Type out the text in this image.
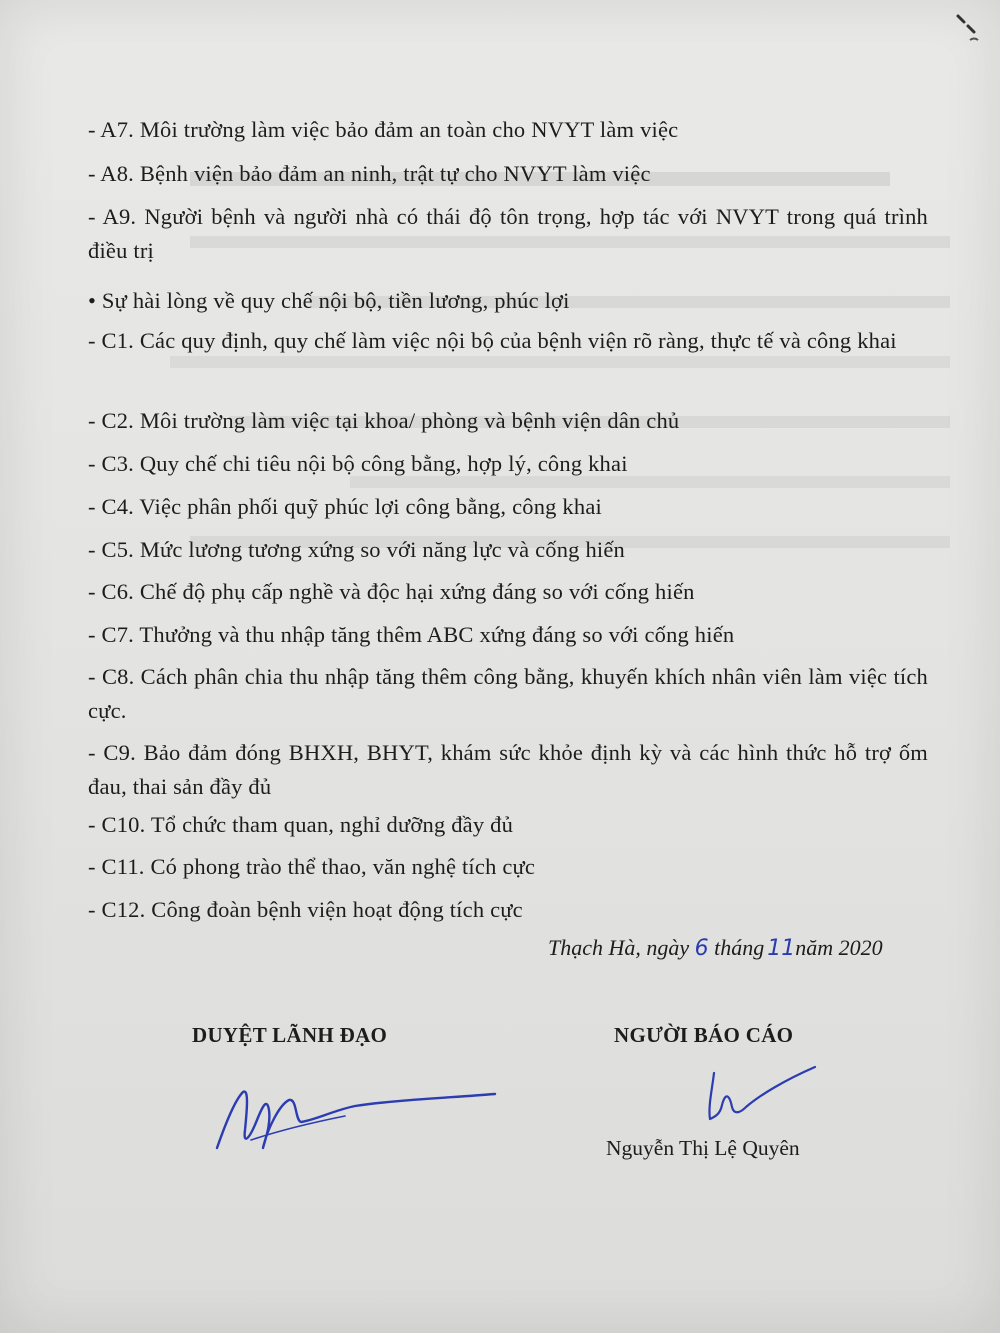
- A7. Môi trường làm việc bảo đảm an toàn cho NVYT làm việc
- A8. Bệnh viện bảo đảm an ninh, trật tự cho NVYT làm việc
- A9. Người bệnh và người nhà có thái độ tôn trọng, hợp tác với NVYT trong quá trình điều trị
• Sự hài lòng về quy chế nội bộ, tiền lương, phúc lợi
- C1. Các quy định, quy chế làm việc nội bộ của bệnh viện rõ ràng, thực tế và công khai
- C2. Môi trường làm việc tại khoa/ phòng và bệnh viện dân chủ
- C3. Quy chế chi tiêu nội bộ công bằng, hợp lý, công khai
- C4. Việc phân phối quỹ phúc lợi công bằng, công khai
- C5. Mức lương tương xứng so với năng lực và cống hiến
- C6. Chế độ phụ cấp nghề và độc hại xứng đáng so với cống hiến
- C7. Thưởng và thu nhập tăng thêm ABC xứng đáng so với cống hiến
- C8. Cách phân chia thu nhập tăng thêm công bằng, khuyến khích nhân viên làm việc tích cực.
- C9. Bảo đảm đóng BHXH, BHYT, khám sức khỏe định kỳ và các hình thức hỗ trợ ốm đau, thai sản đầy đủ
- C10. Tổ chức tham quan, nghỉ dưỡng đầy đủ
- C11. Có phong trào thể thao, văn nghệ tích cực
- C12. Công đoàn bệnh viện hoạt động tích cực
Thạch Hà, ngày 6 tháng 11năm 2020
DUYỆT LÃNH ĐẠO	NGƯỜI BÁO CÁO
Nguyễn Thị Lệ Quyên
